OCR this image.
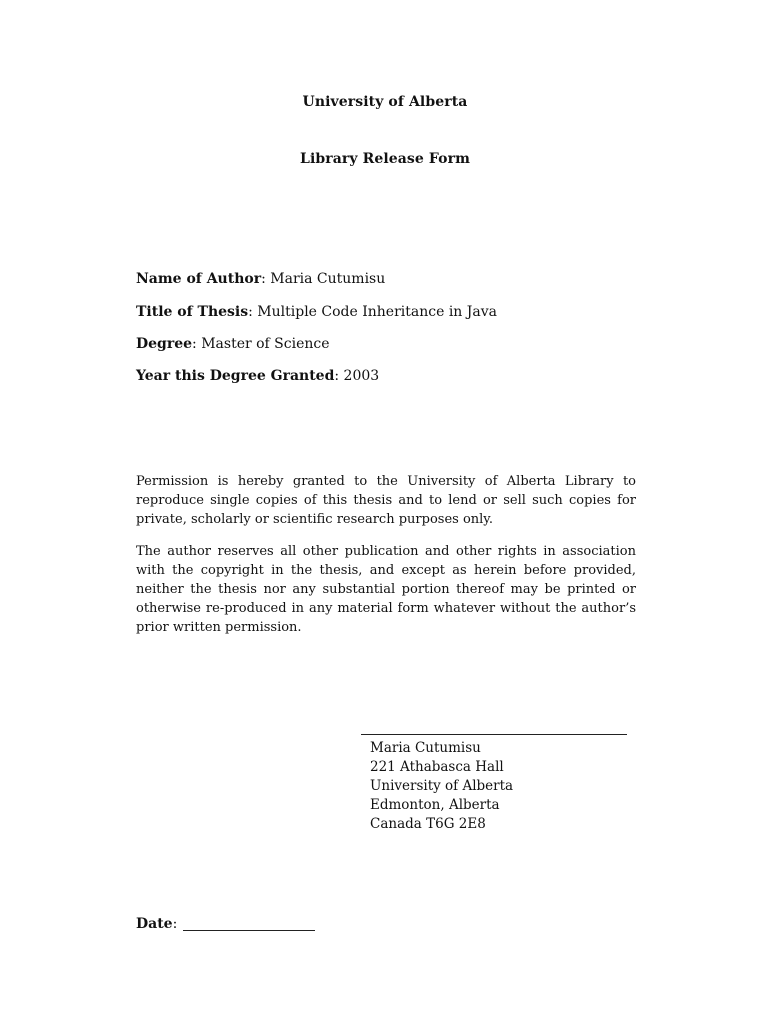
University of Alberta
Library Release Form
Name of Author: Maria Cutumisu
Title of Thesis: Multiple Code Inheritance in Java
Degree: Master of Science
Year this Degree Granted: 2003

Permission is hereby granted to the University of Alberta Library to reproduce single copies of this thesis and to lend or sell such copies for private, scholarly or scientific research purposes only.

The author reserves all other publication and other rights in association with the copyright in the thesis, and except as herein before provided, neither the thesis nor any substantial portion thereof may be printed or otherwise re-produced in any material form whatever without the author’s prior written permission.

Maria Cutumisu
221 Athabasca Hall
University of Alberta
Edmonton, Alberta
Canada T6G 2E8
Date:
